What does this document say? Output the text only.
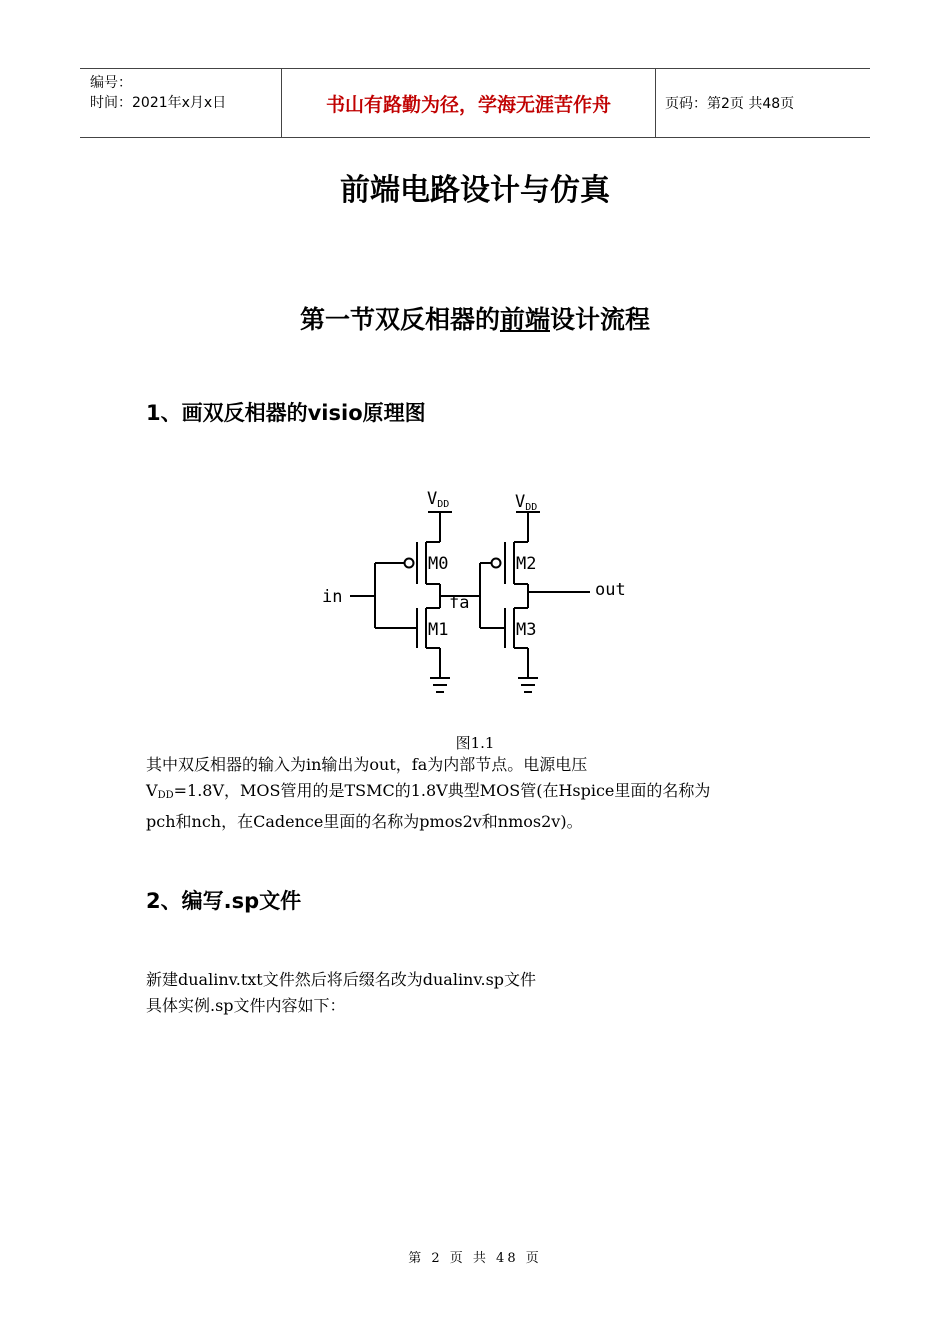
编号：
时间：2021年x月x日	书山有路勤为径，学海无涯苦作舟	页码：第2页 共48页
前端电路设计与仿真
第一节双反相器的前端设计流程
1、画双反相器的visio原理图
VDD	VDD
M0
M1
M2
M3
in	out
fa
图1.1
其中双反相器的输入为in输出为out，fa为内部节点。电源电压
$V_{DD}=1.8V$，MOS管用的是TSMC的1.8V典型MOS管(在Hspice里面的名称为
pch和nch，在Cadence里面的名称为pmos2v和nmos2v)。
2、编写.sp文件
新建dualinv.txt文件然后将后缀名改为dualinv.sp文件
具体实例.sp文件内容如下：
第 2 页 共 48 页
